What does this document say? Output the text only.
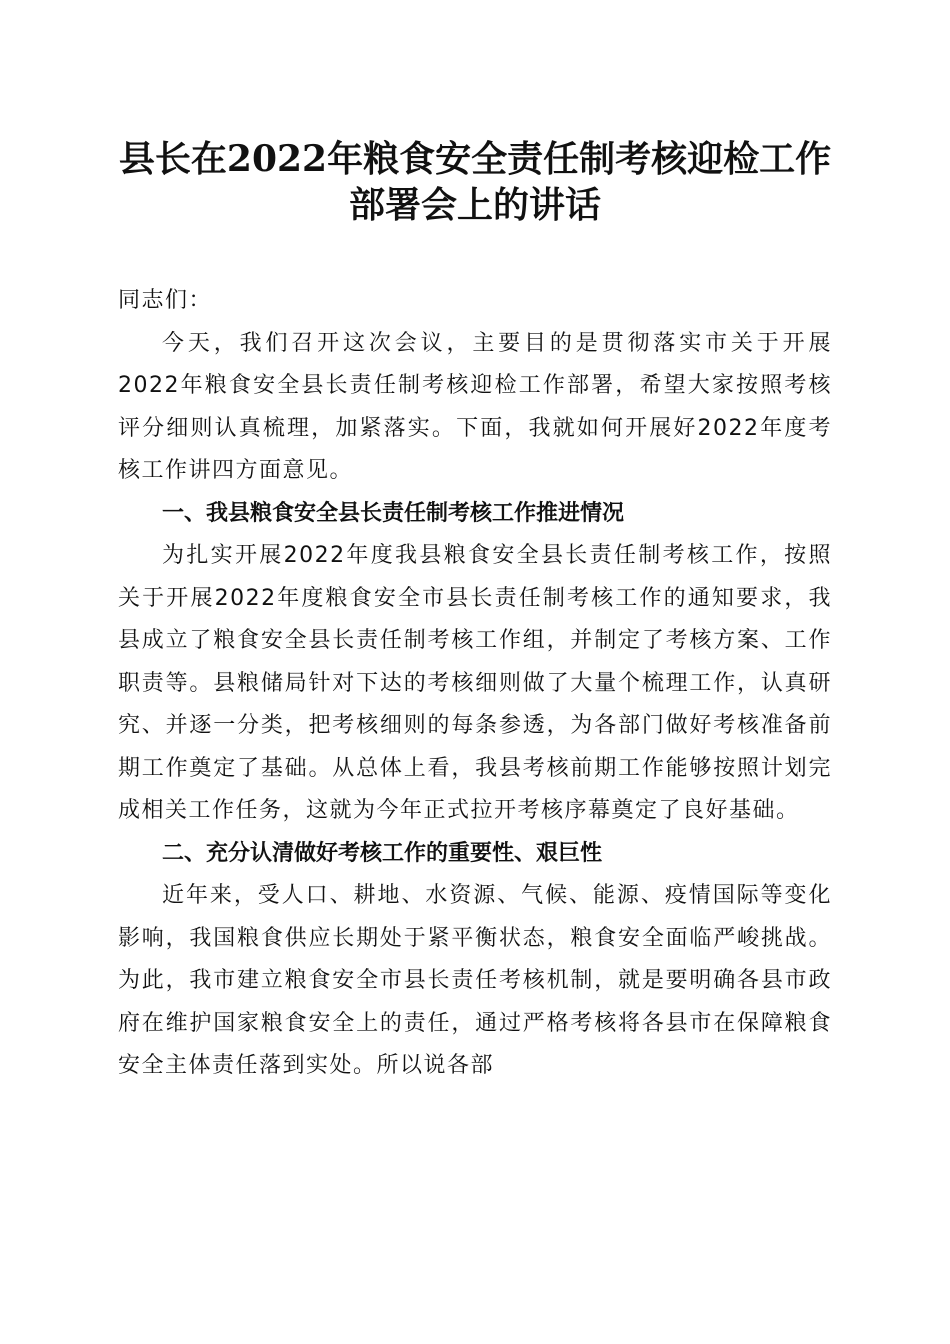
县长在2022年粮食安全责任制考核迎检工作
部署会上的讲话

同志们：

今天，我们召开这次会议，主要目的是贯彻落实市关于开展2022年粮食安全县长责任制考核迎检工作部署，希望大家按照考核评分细则认真梳理，加紧落实。下面，我就如何开展好2022年度考核工作讲四方面意见。

一、我县粮食安全县长责任制考核工作推进情况

为扎实开展2022年度我县粮食安全县长责任制考核工作，按照关于开展2022年度粮食安全市县长责任制考核工作的通知要求，我县成立了粮食安全县长责任制考核工作组，并制定了考核方案、工作职责等。县粮储局针对下达的考核细则做了大量个梳理工作，认真研究、并逐一分类，把考核细则的每条参透，为各部门做好考核准备前期工作奠定了基础。从总体上看，我县考核前期工作能够按照计划完成相关工作任务，这就为今年正式拉开考核序幕奠定了良好基础。

二、充分认清做好考核工作的重要性、艰巨性

近年来，受人口、耕地、水资源、气候、能源、疫情国际等变化影响，我国粮食供应长期处于紧平衡状态，粮食安全面临严峻挑战。为此，我市建立粮食安全市县长责任考核机制，就是要明确各县市政府在维护国家粮食安全上的责任，通过严格考核将各县市在保障粮食安全主体责任落到实处。所以说各部
